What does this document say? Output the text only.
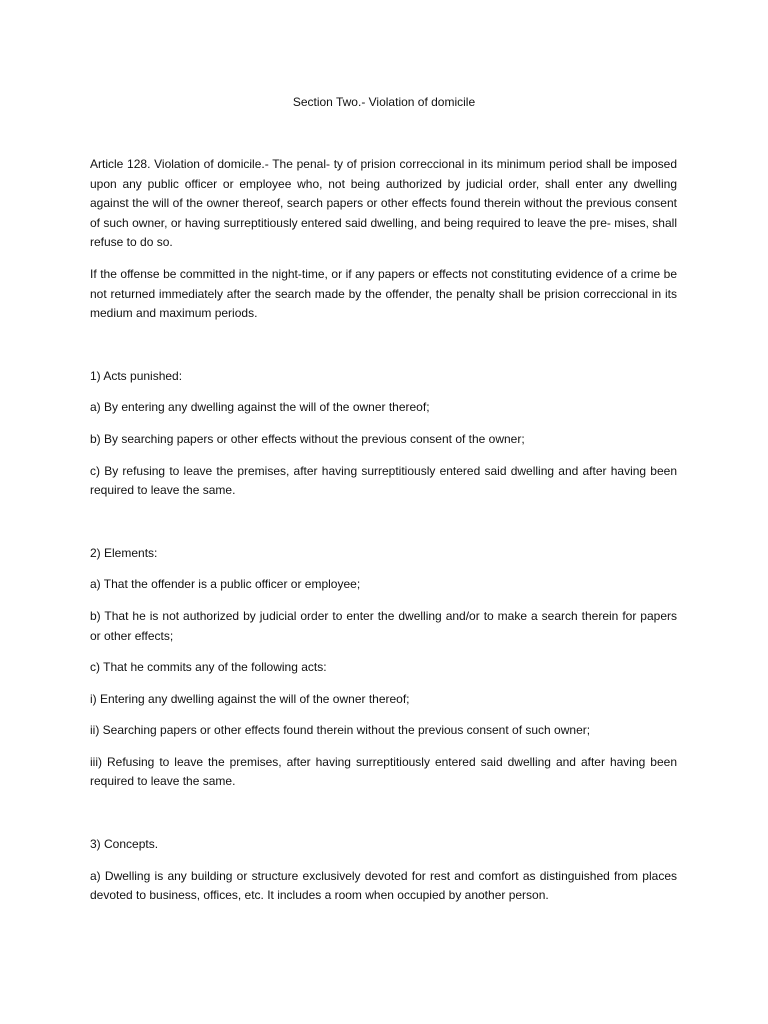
Section Two.- Violation of domicile

Article 128. Violation of domicile.- The penal- ty of prision correccional in its minimum period shall be imposed upon any public officer or employee who, not being authorized by judicial order, shall enter any dwelling against the will of the owner thereof, search papers or other effects found therein without the previous consent of such owner, or having surreptitiously entered said dwelling, and being required to leave the pre- mises, shall refuse to do so.

If the offense be committed in the night-time, or if any papers or effects not constituting evidence of a crime be not returned immediately after the search made by the offender, the penalty shall be prision correccional in its medium and maximum periods.

1) Acts punished:

a) By entering any dwelling against the will of the owner thereof;

b) By searching papers or other effects without the previous consent of the owner;

c) By refusing to leave the premises, after having surreptitiously entered said dwelling and after having been required to leave the same.

2) Elements:

a) That the offender is a public officer or employee;

b) That he is not authorized by judicial order to enter the dwelling and/or to make a search therein for papers or other effects;

c) That he commits any of the following acts:

i) Entering any dwelling against the will of the owner thereof;

ii) Searching papers or other effects found therein without the previous consent of such owner;

iii) Refusing to leave the premises, after having surreptitiously entered said dwelling and after having been required to leave the same.

3) Concepts.

a) Dwelling is any building or structure exclusively devoted for rest and comfort as distinguished from places devoted to business, offices, etc. It includes a room when occupied by another person.
